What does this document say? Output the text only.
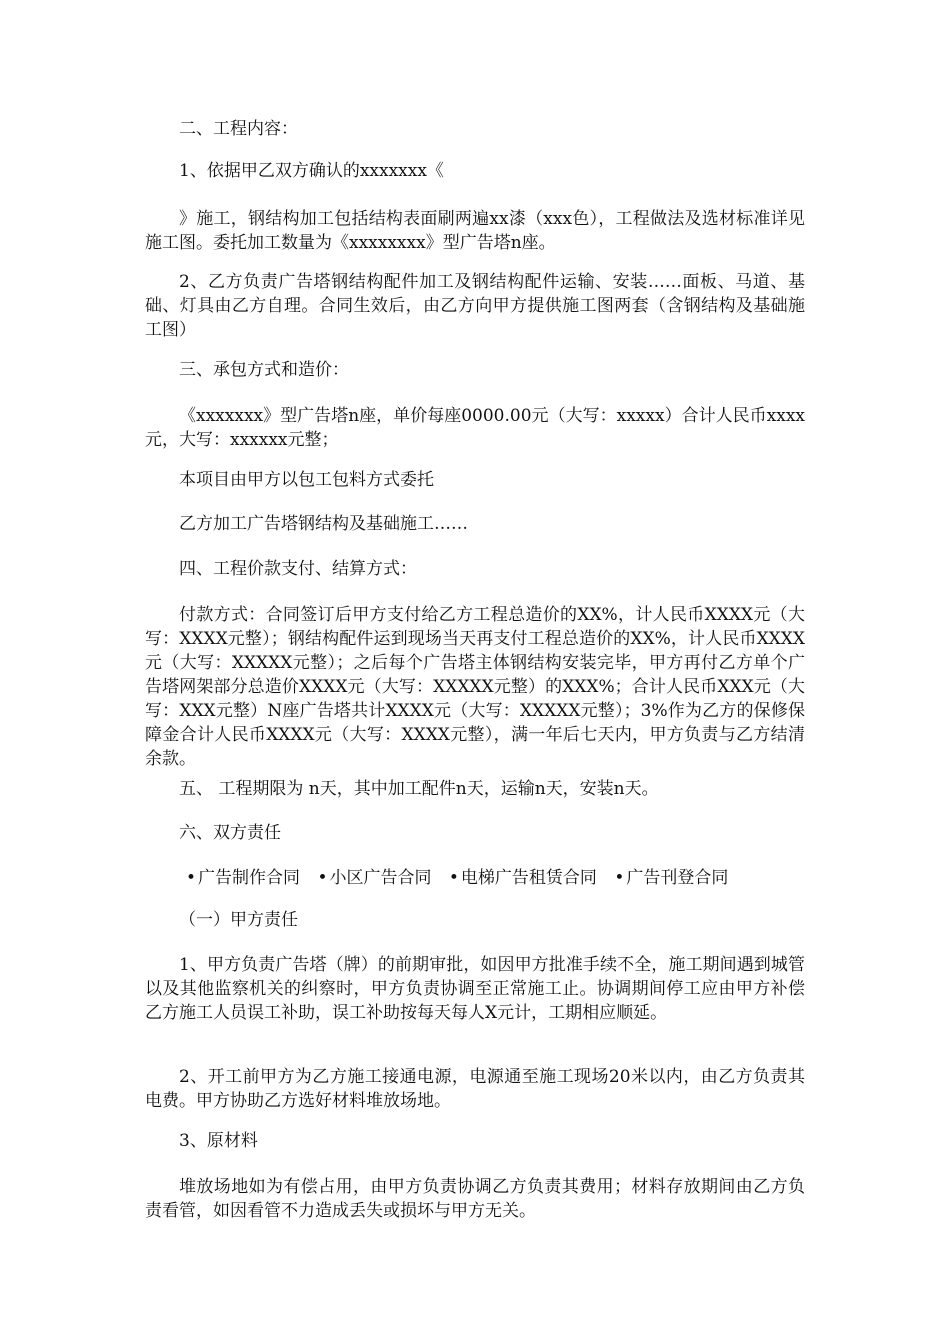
二、工程内容：

1、依据甲乙双方确认的xxxxxxx《

》施工，钢结构加工包括结构表面刷两遍xx漆（xxx色），工程做法及选材标准详见施工图。委托加工数量为《xxxxxxxx》型广告塔n座。

2、乙方负责广告塔钢结构配件加工及钢结构配件运输、安装……面板、马道、基础、灯具由乙方自理。合同生效后，由乙方向甲方提供施工图两套（含钢结构及基础施工图）

三、承包方式和造价：

《xxxxxxx》型广告塔n座，单价每座0000.00元（大写：xxxxx）合计人民币xxxx元，大写：xxxxxx元整；

本项目由甲方以包工包料方式委托

乙方加工广告塔钢结构及基础施工……

四、工程价款支付、结算方式：

付款方式：合同签订后甲方支付给乙方工程总造价的XX%，计人民币XXXX元（大写：XXXX元整）；钢结构配件运到现场当天再支付工程总造价的XX%，计人民币XXXX元（大写：XXXXX元整）；之后每个广告塔主体钢结构安装完毕，甲方再付乙方单个广告塔网架部分总造价XXXX元（大写：XXXXX元整）的XXX%；合计人民币XXX元（大写：XXX元整）N座广告塔共计XXXX元（大写：XXXXX元整）；3%作为乙方的保修保障金合计人民币XXXX元（大写：XXXX元整），满一年后七天内，甲方负责与乙方结清余款。

五、 工程期限为 n天，其中加工配件n天，运输n天，安装n天。

六、双方责任

• 广告制作合同 • 小区广告合同 • 电梯广告租赁合同 • 广告刊登合同

（一）甲方责任

1、甲方负责广告塔（牌）的前期审批，如因甲方批准手续不全，施工期间遇到城管以及其他监察机关的纠察时，甲方负责协调至正常施工止。协调期间停工应由甲方补偿乙方施工人员误工补助，误工补助按每天每人X元计，工期相应顺延。

2、开工前甲方为乙方施工接通电源，电源通至施工现场20米以内，由乙方负责其电费。甲方协助乙方选好材料堆放场地。

3、原材料

堆放场地如为有偿占用，由甲方负责协调乙方负责其费用；材料存放期间由乙方负责看管，如因看管不力造成丢失或损坏与甲方无关。
